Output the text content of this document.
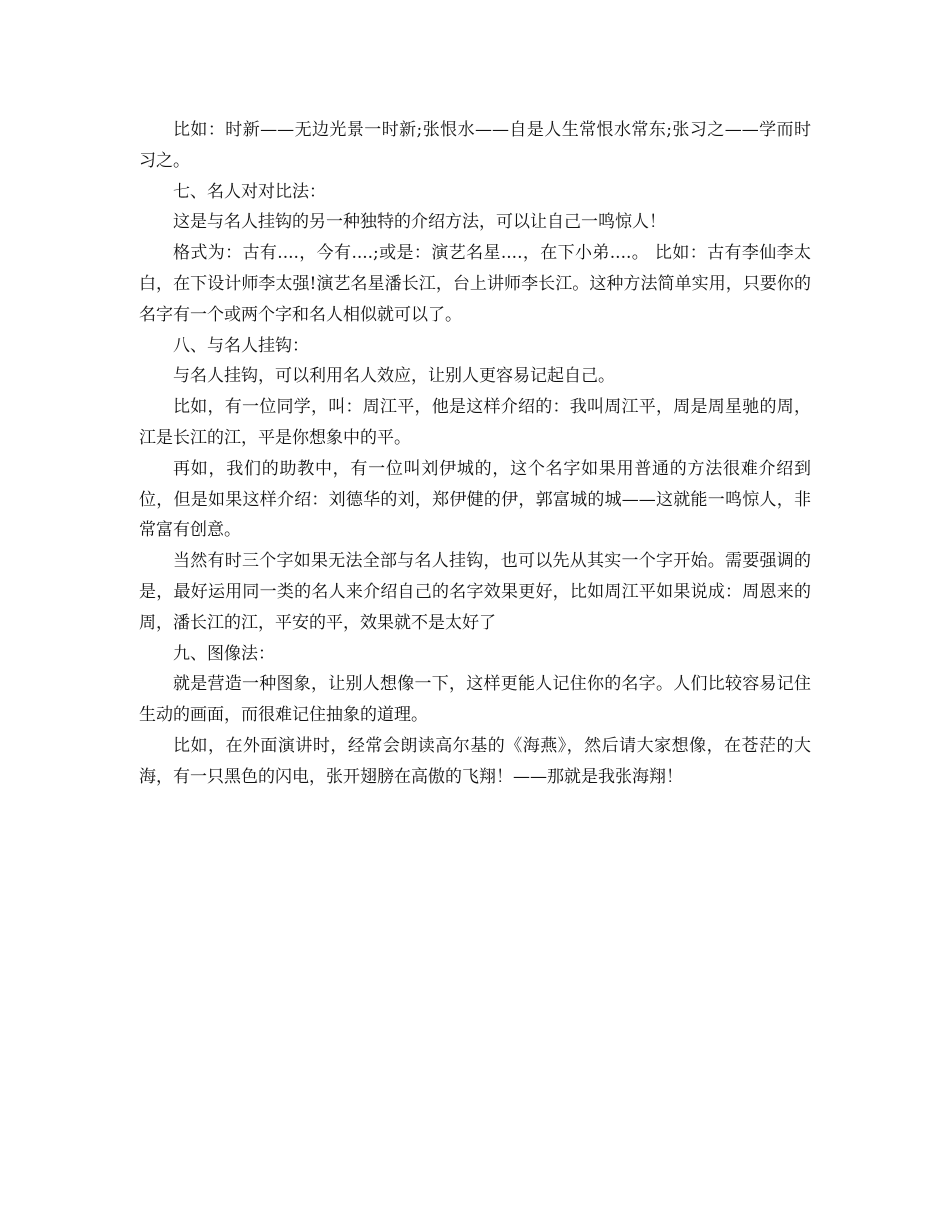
比如：时新——无边光景一时新;张恨水——自是人生常恨水常东;张习之——学而时习之。

七、名人对对比法：

这是与名人挂钩的另一种独特的介绍方法，可以让自己一鸣惊人！

格式为：古有....，今有....;或是：演艺名星....，在下小弟....。 比如：古有李仙李太白，在下设计师李太强!演艺名星潘长江，台上讲师李长江。这种方法简单实用，只要你的名字有一个或两个字和名人相似就可以了。

八、与名人挂钩：

与名人挂钩，可以利用名人效应，让别人更容易记起自己。

比如，有一位同学，叫：周江平，他是这样介绍的：我叫周江平，周是周星驰的周，江是长江的江，平是你想象中的平。

再如，我们的助教中，有一位叫刘伊城的，这个名字如果用普通的方法很难介绍到位，但是如果这样介绍：刘德华的刘，郑伊健的伊，郭富城的城——这就能一鸣惊人，非常富有创意。

当然有时三个字如果无法全部与名人挂钩，也可以先从其实一个字开始。需要强调的是，最好运用同一类的名人来介绍自己的名字效果更好，比如周江平如果说成：周恩来的周，潘长江的江，平安的平，效果就不是太好了

九、图像法：

就是营造一种图象，让别人想像一下，这样更能人记住你的名字。人们比较容易记住生动的画面，而很难记住抽象的道理。

比如，在外面演讲时，经常会朗读高尔基的《海燕》，然后请大家想像，在苍茫的大海，有一只黑色的闪电，张开翅膀在高傲的飞翔！——那就是我张海翔！
